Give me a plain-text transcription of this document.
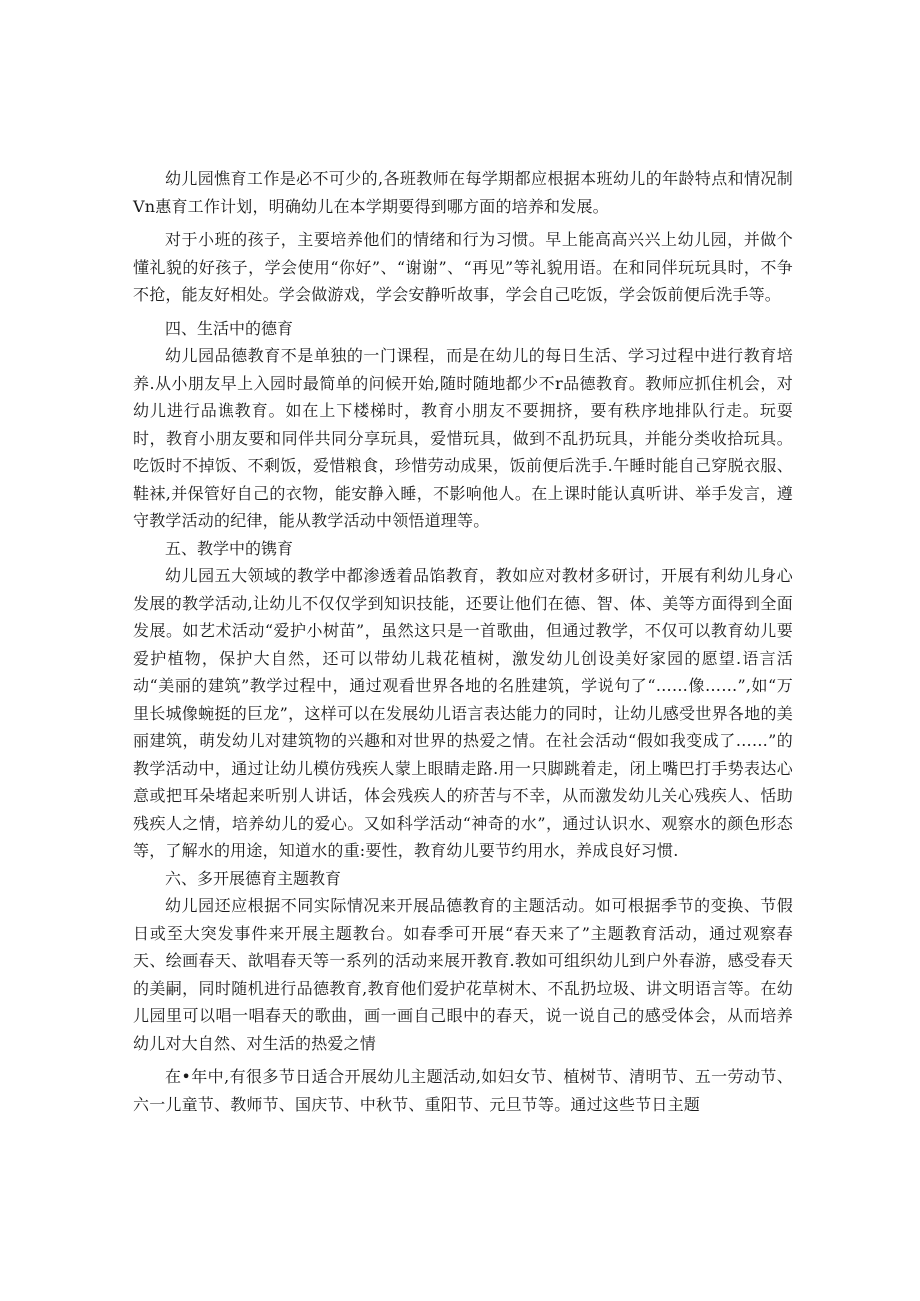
幼儿园憔育工作是必不可少的,各班教师在每学期都应根据本班幼儿的年龄特点和情况制Vn惠育工作计划，明确幼儿在本学期要得到哪方面的培养和发展。

对于小班的孩子，主要培养他们的情绪和行为习惯。早上能高高兴兴上幼儿园，并做个懂礼貌的好孩子，学会使用“你好”、“谢谢”、“再见”等礼貌用语。在和同伴玩玩具时，不争不抢，能友好相处。学会做游戏，学会安静听故事，学会自己吃饭，学会饭前便后洗手等。

四、生活中的德育

幼儿园品德教育不是单独的一门课程，而是在幼儿的每日生活、学习过程中进行教育培养.从小朋友早上入园时最简单的问候开始,随时随地都少不r品德教育。教师应抓住机会，对幼儿进行品谯教育。如在上下楼梯时，教育小朋友不要拥挤，要有秩序地排队行走。玩耍时，教育小朋友要和同伴共同分享玩具，爱惜玩具，做到不乱扔玩具，并能分类收拾玩具。吃饭时不掉饭、不剩饭，爱惜粮食，珍惜劳动成果，饭前便后洗手.午睡时能自己穿脱衣服、鞋袜,并保管好自己的衣物，能安静入睡，不影响他人。在上课时能认真听讲、举手发言，遵守教学活动的纪律，能从教学活动中领悟道理等。

五、教学中的镌育

幼儿园五大领域的教学中都渗透着品馅教育，教如应对教材多研讨，开展有利幼儿身心发展的教学活动,让幼儿不仅仅学到知识技能，还要让他们在德、智、体、美等方面得到全面发展。如艺术活动“爱护小树苗”，虽然这只是一首歌曲，但通过教学，不仅可以教育幼儿要爱护植物，保护大自然，还可以带幼儿栽花植树，激发幼儿创设美好家园的愿望.语言活动“美丽的建筑”教学过程中，通过观看世界各地的名胜建筑，学说句了“……像……”,如“万里长城像蜿挺的巨龙”，这样可以在发展幼儿语言表达能力的同时，让幼儿感受世界各地的美丽建筑，萌发幼儿对建筑物的兴趣和对世界的热爱之情。在社会活动“假如我变成了……”的教学活动中，通过让幼儿模仿残疾人蒙上眼睛走路.用一只脚跳着走，闭上嘴巴打手势表达心意或把耳朵堵起来听别人讲话，体会残疾人的疥苦与不幸，从而激发幼儿关心残疾人、恬助残疾人之情，培养幼儿的爱心。又如科学活动“神奇的水”，通过认识水、观察水的颜色形态等，了解水的用途，知道水的重:要性，教育幼儿要节约用水，养成良好习惯.

六、多开展德育主题教育

幼儿园还应根据不同实际情况来开展品德教育的主题活动。如可根据季节的变换、节假日或至大突发事件来开展主题教台。如春季可开展“春天来了”主题教育活动，通过观察春天、绘画春天、歆唱春天等一系列的活动来展开教育.教如可组织幼儿到户外春游，感受春天的美嗣，同时随机进行品德教育,教育他们爱护花草树木、不乱扔垃圾、讲文明语言等。在幼儿园里可以唱一唱春天的歌曲，画一画自己眼中的春天，说一说自己的感受体会，从而培养幼儿对大自然、对生活的热爱之情

在•年中,有很多节日适合开展幼儿主题活动,如妇女节、植树节、清明节、五一劳动节、六一儿童节、教师节、国庆节、中秋节、重阳节、元旦节等。通过这些节日主题
